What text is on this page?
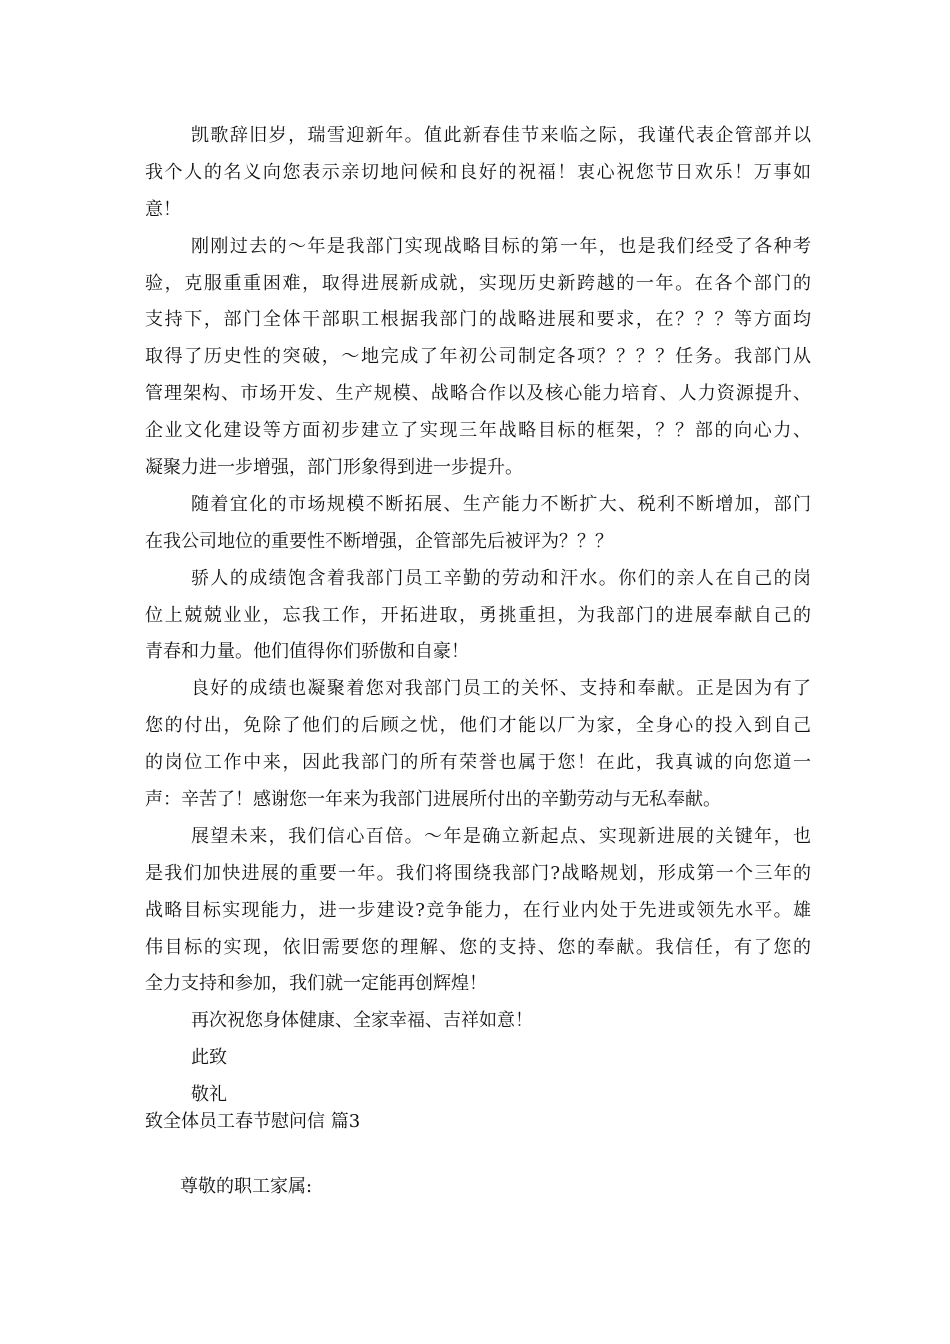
凯歌辞旧岁，瑞雪迎新年。值此新春佳节来临之际，我谨代表企管部并以
我个人的名义向您表示亲切地问候和良好的祝福！衷心祝您节日欢乐！万事如
意！
刚刚过去的～年是我部门实现战略目标的第一年，也是我们经受了各种考
验，克服重重困难，取得进展新成就，实现历史新跨越的一年。在各个部门的
支持下，部门全体干部职工根据我部门的战略进展和要求，在？？？等方面均
取得了历史性的突破，～地完成了年初公司制定各项？？？？任务。我部门从
管理架构、市场开发、生产规模、战略合作以及核心能力培育、人力资源提升、
企业文化建设等方面初步建立了实现三年战略目标的框架，？？部的向心力、
凝聚力进一步增强，部门形象得到进一步提升。
随着宜化的市场规模不断拓展、生产能力不断扩大、税利不断增加，部门
在我公司地位的重要性不断增强，企管部先后被评为？？？
骄人的成绩饱含着我部门员工辛勤的劳动和汗水。你们的亲人在自己的岗
位上兢兢业业，忘我工作，开拓进取，勇挑重担，为我部门的进展奉献自己的
青春和力量。他们值得你们骄傲和自豪！
良好的成绩也凝聚着您对我部门员工的关怀、支持和奉献。正是因为有了
您的付出，免除了他们的后顾之忧，他们才能以厂为家，全身心的投入到自己
的岗位工作中来，因此我部门的所有荣誉也属于您！在此，我真诚的向您道一
声：辛苦了！感谢您一年来为我部门进展所付出的辛勤劳动与无私奉献。
展望未来，我们信心百倍。～年是确立新起点、实现新进展的关键年，也
是我们加快进展的重要一年。我们将围绕我部门?战略规划，形成第一个三年的
战略目标实现能力，进一步建设?竞争能力，在行业内处于先进或领先水平。雄
伟目标的实现，依旧需要您的理解、您的支持、您的奉献。我信任，有了您的
全力支持和参加，我们就一定能再创辉煌！
再次祝您身体健康、全家幸福、吉祥如意！
此致
敬礼
致全体员工春节慰问信 篇3
尊敬的职工家属:
